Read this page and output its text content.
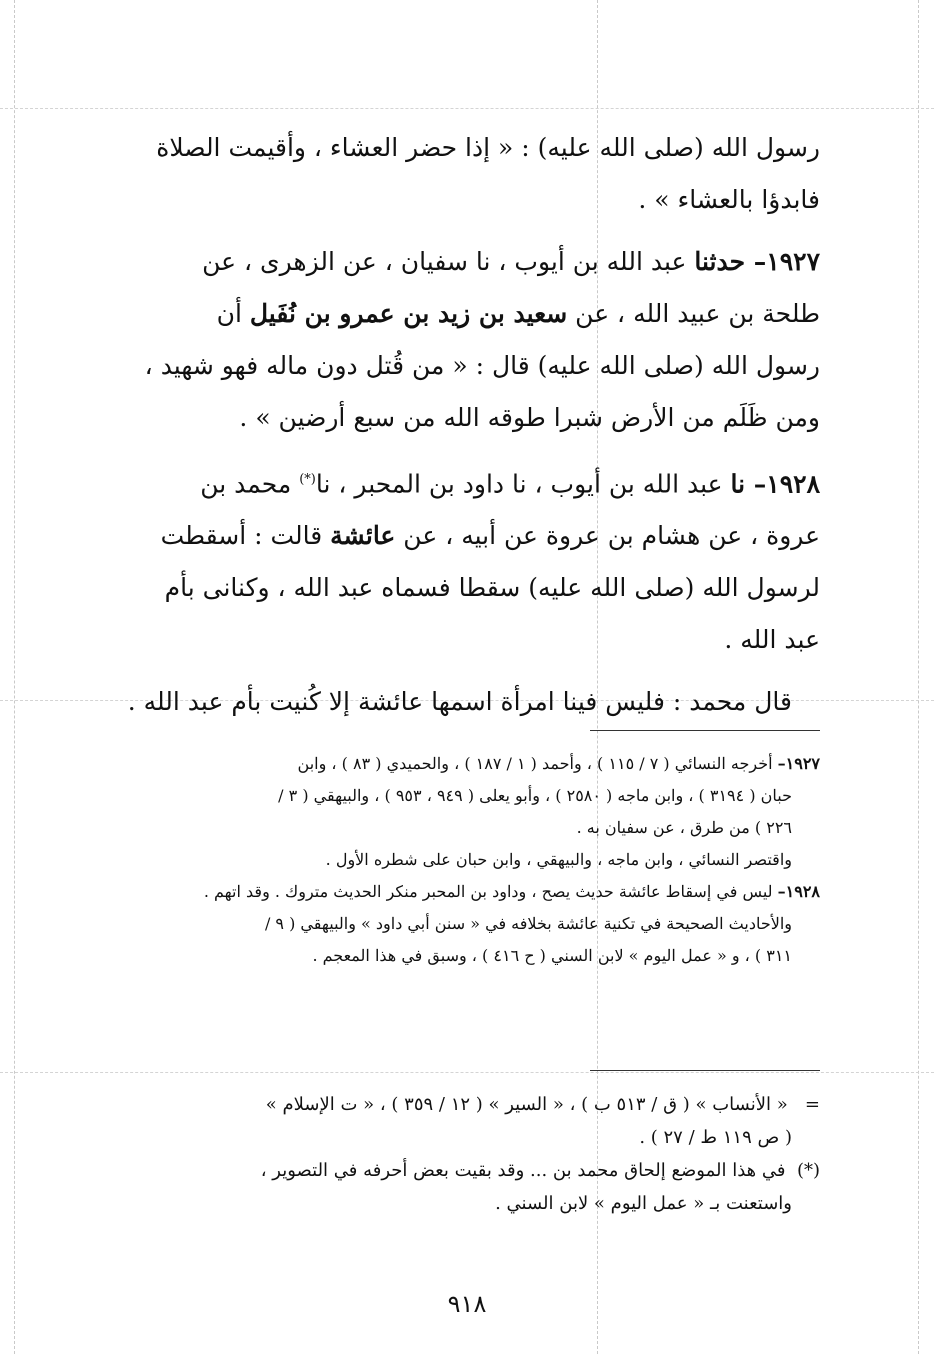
رسول الله (صلى الله عليه) : « إذا حضر العشاء ، وأقيمت الصلاة
فابدؤا بالعشاء » .
١٩٢٧– حدثنا عبد الله بن أيوب ، نا سفيان ، عن الزهرى ، عن
طلحة بن عبيد الله ، عن سعيد بن زيد بن عمرو بن نُفَيل أن
رسول الله (صلى الله عليه) قال : « من قُتل دون ماله فهو شهيد ،
ومن ظَلَم من الأرض شبرا طوقه الله من سبع أرضين » .
١٩٢٨– نا عبد الله بن أيوب ، نا داود بن المحبر ، نا(*) محمد بن
عروة ، عن هشام بن عروة عن أبيه ، عن عائشة قالت : أسقطت
لرسول الله (صلى الله عليه) سقطا فسماه عبد الله ، وكنانى بأم
عبد الله .
قال محمد : فليس فينا امرأة اسمها عائشة إلا كُنيت بأم عبد الله .
١٩٢٧– أخرجه النسائي ( ٧ / ١١٥ ) ، وأحمد ( ١ / ١٨٧ ) ، والحميدي ( ٨٣ ) ، وابن
حبان ( ٣١٩٤ ) ، وابن ماجه ( ٢٥٨٠ ) ، وأبو يعلى ( ٩٤٩ ، ٩٥٣ ) ، والبيهقي ( ٣ /
٢٢٦ ) من طرق ، عن سفيان به .
واقتصر النسائي ، وابن ماجه ، والبيهقي ، وابن حبان على شطره الأول .
١٩٢٨– ليس في إسقاط عائشة حديث يصح ، وداود بن المحبر منكر الحديث متروك . وقد اتهم .
والأحاديث الصحيحة في تكنية عائشة بخلافه في « سنن أبي داود » والبيهقي ( ٩ /
٣١١ ) ، و « عمل اليوم » لابن السني ( ح ٤١٦ ) ، وسبق في هذا المعجم .
=   « الأنساب » ( ق / ٥١٣ ب ) ، « السير » ( ١٢ / ٣٥٩ ) ، « ت الإسلام »
( ص ١١٩ ط / ٢٧ ) .
(*)  في هذا الموضع إلحاق محمد بن ... وقد بقيت بعض أحرفه في التصوير ،
واستعنت بـ « عمل اليوم » لابن السني .
٩١٨
